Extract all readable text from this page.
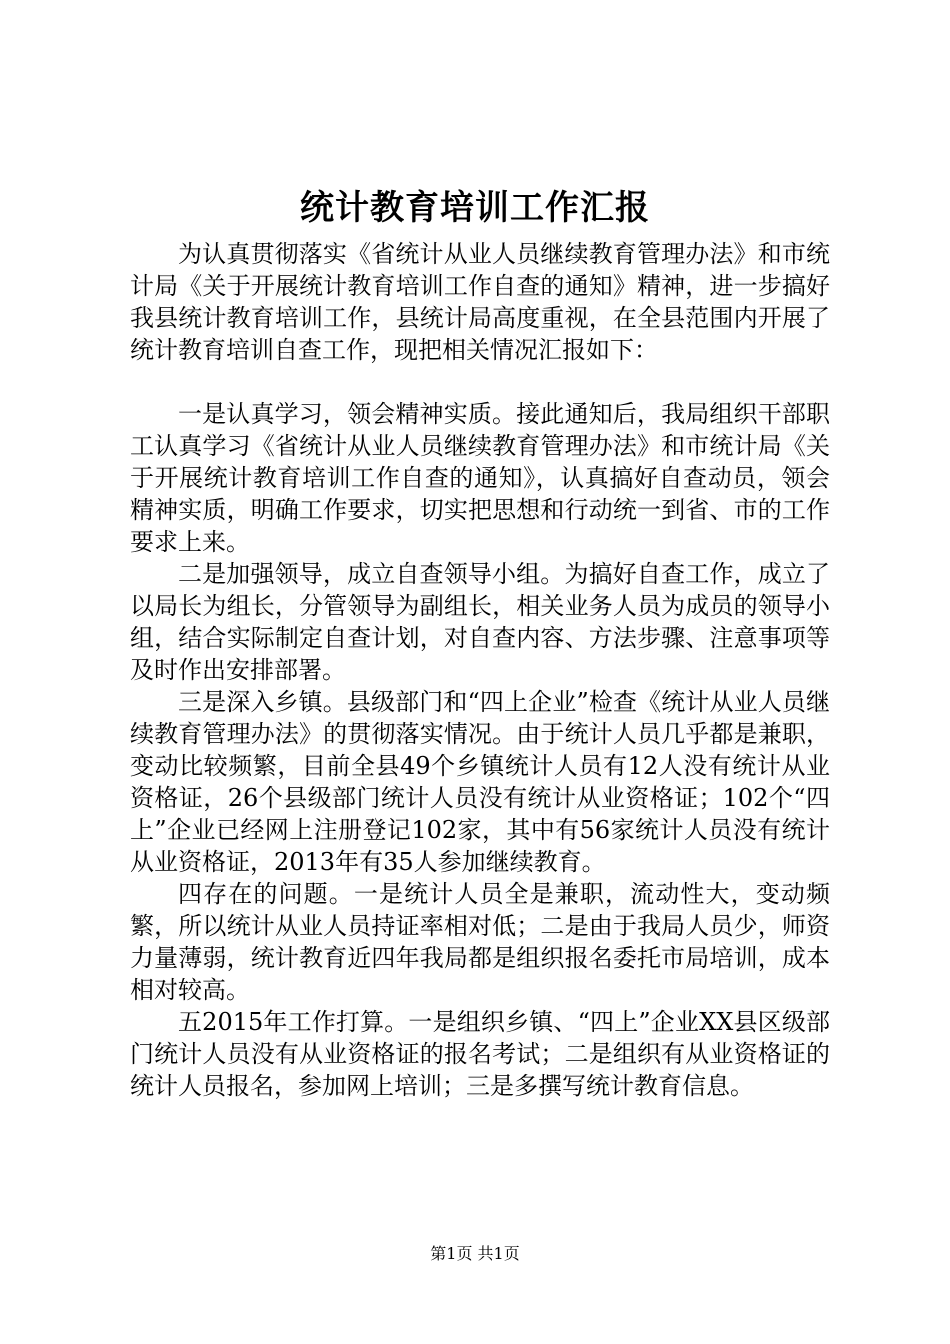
统计教育培训工作汇报

为认真贯彻落实《省统计从业人员继续教育管理办法》和市统计局《关于开展统计教育培训工作自查的通知》精神，进一步搞好我县统计教育培训工作，县统计局高度重视，在全县范围内开展了统计教育培训自查工作，现把相关情况汇报如下：

一是认真学习，领会精神实质。接此通知后，我局组织干部职工认真学习《省统计从业人员继续教育管理办法》和市统计局《关于开展统计教育培训工作自查的通知》，认真搞好自查动员，领会精神实质，明确工作要求，切实把思想和行动统一到省、市的工作要求上来。

二是加强领导，成立自查领导小组。为搞好自查工作，成立了以局长为组长，分管领导为副组长，相关业务人员为成员的领导小组，结合实际制定自查计划，对自查内容、方法步骤、注意事项等及时作出安排部署。

三是深入乡镇。县级部门和“四上企业”检查《统计从业人员继续教育管理办法》的贯彻落实情况。由于统计人员几乎都是兼职，变动比较频繁，目前全县49个乡镇统计人员有12人没有统计从业资格证，26个县级部门统计人员没有统计从业资格证；102个“四上”企业已经网上注册登记102家，其中有56家统计人员没有统计从业资格证，2013年有35人参加继续教育。

四存在的问题。一是统计人员全是兼职，流动性大，变动频繁，所以统计从业人员持证率相对低；二是由于我局人员少，师资力量薄弱，统计教育近四年我局都是组织报名委托市局培训，成本相对较高。

五2015年工作打算。一是组织乡镇、“四上”企业XX县区级部门统计人员没有从业资格证的报名考试；二是组织有从业资格证的统计人员报名，参加网上培训；三是多撰写统计教育信息。

第1页 共1页
